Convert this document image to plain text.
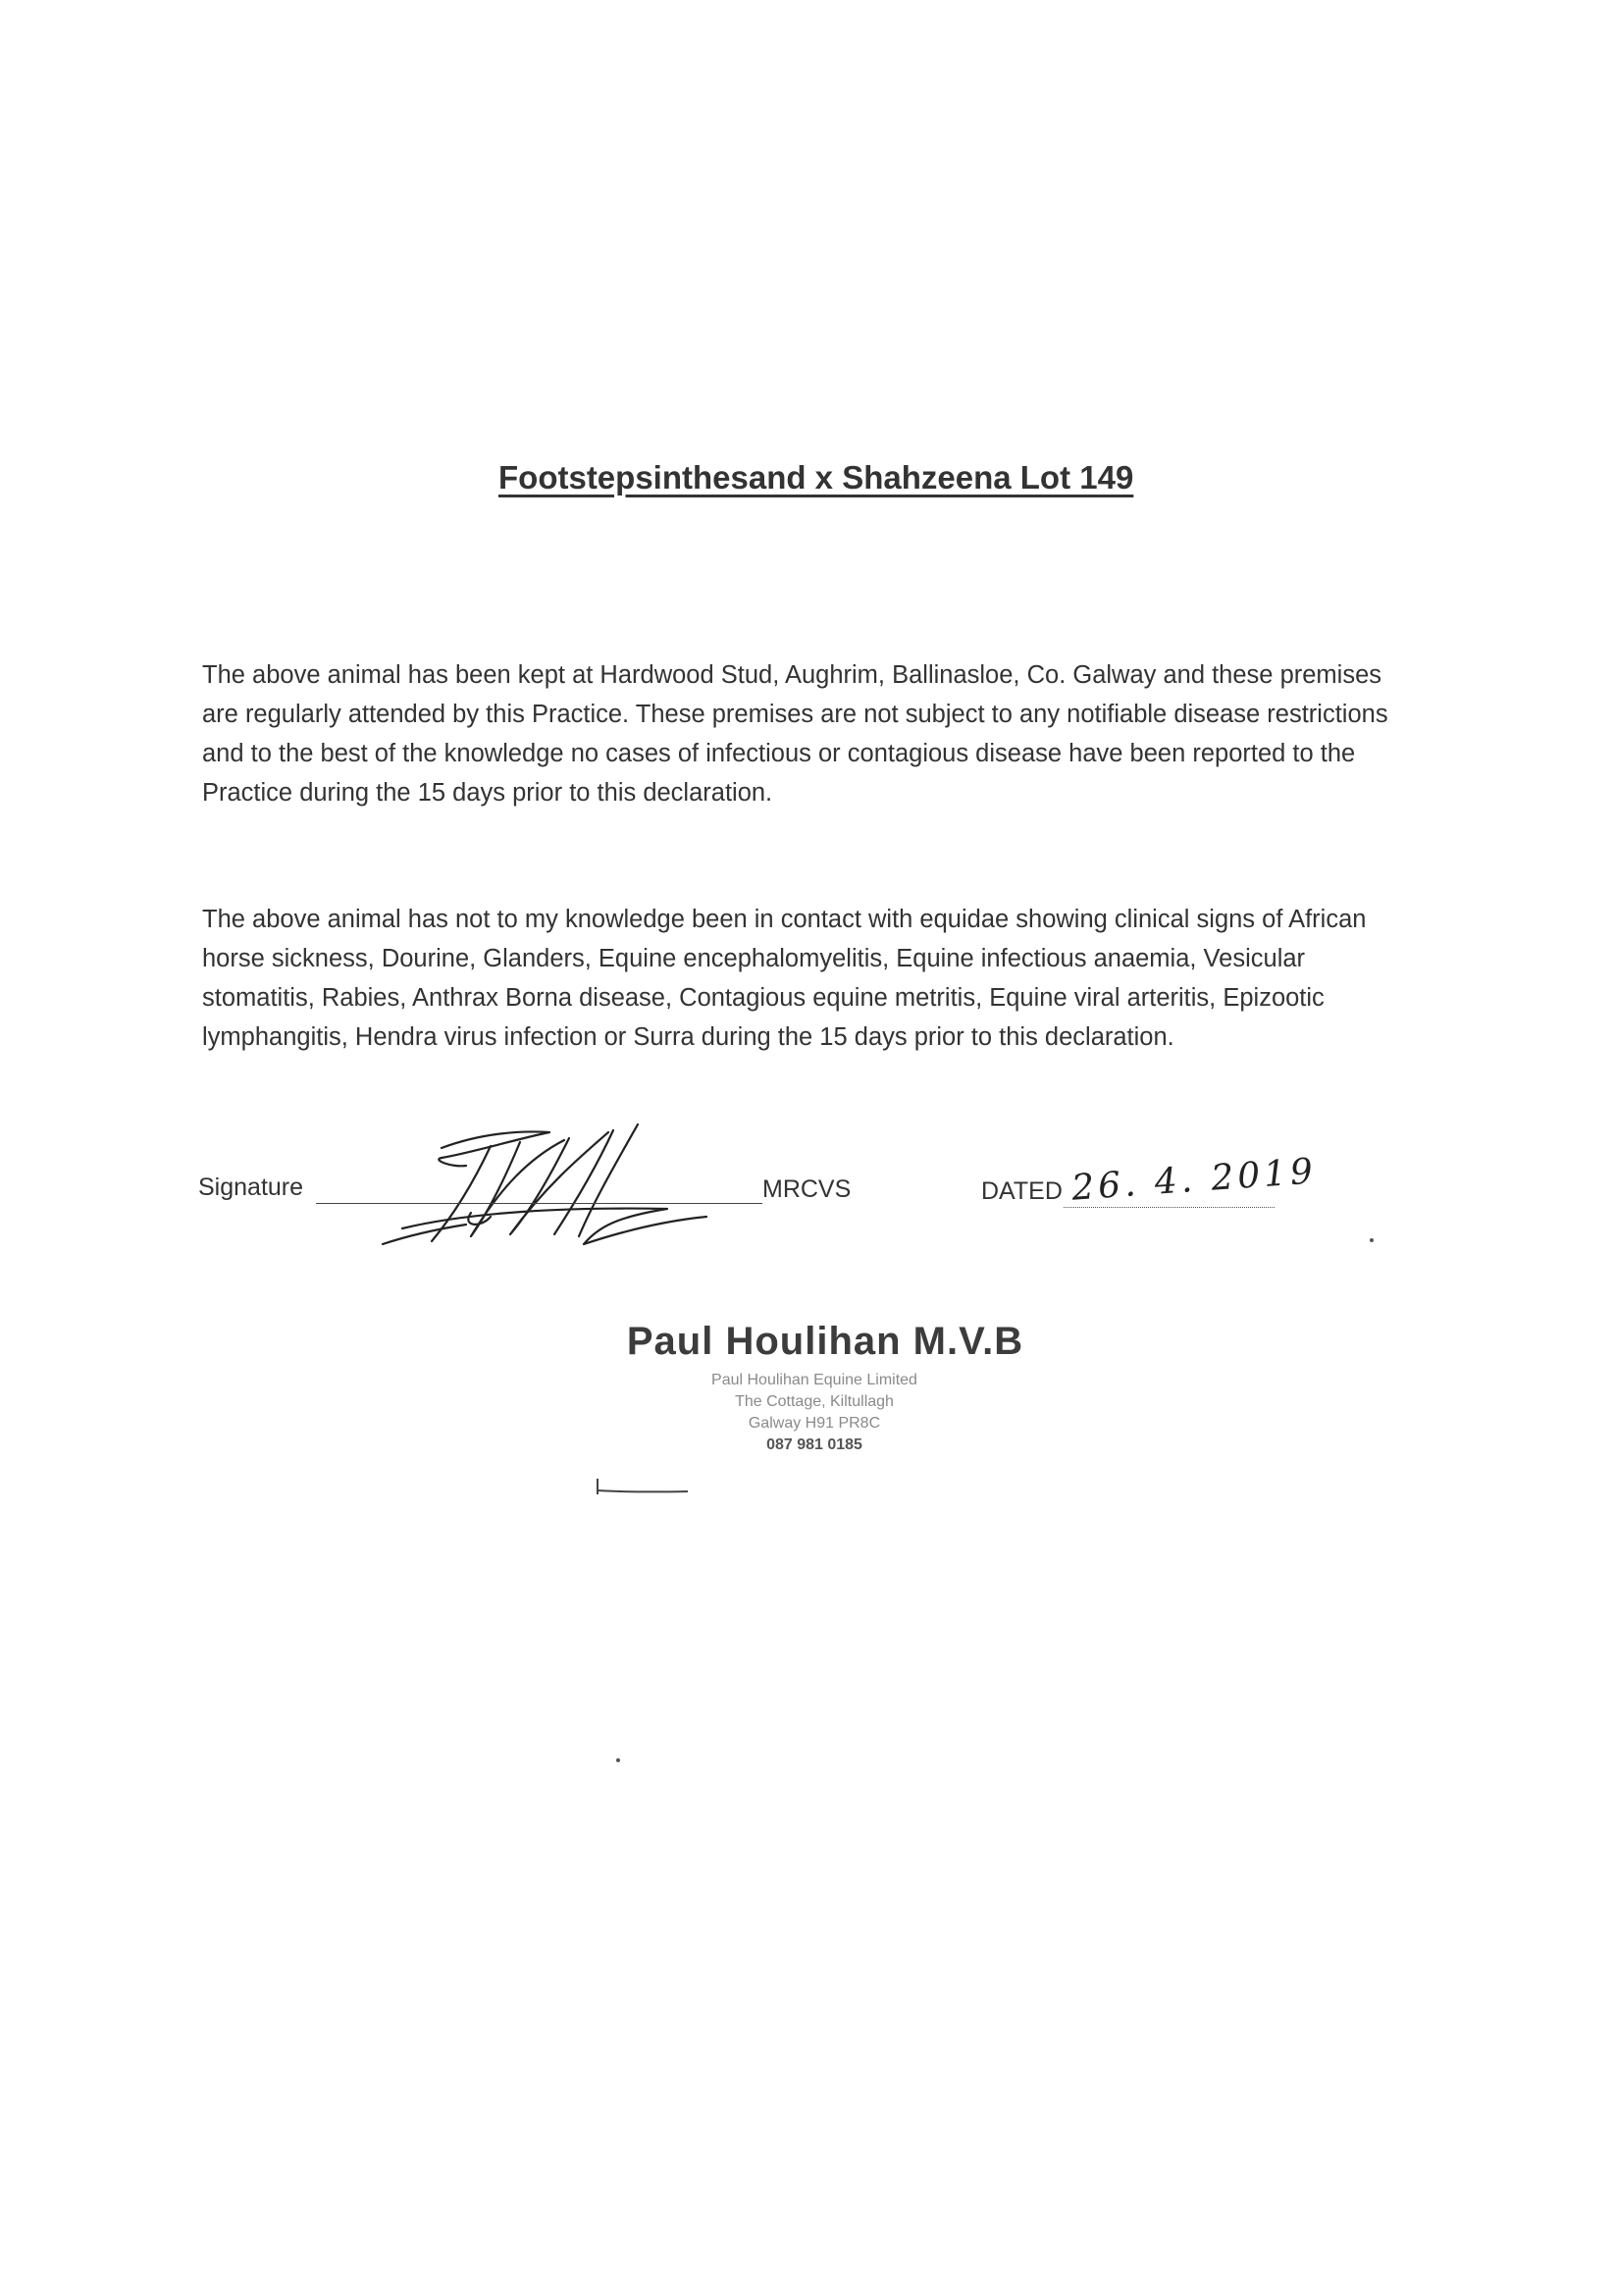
Footstepsinthesand x Shahzeena Lot 149

The above animal has been kept at Hardwood Stud, Aughrim, Ballinasloe, Co. Galway and these premises are regularly attended by this Practice. These premises are not subject to any notifiable disease restrictions and to the best of the knowledge no cases of infectious or contagious disease have been reported to the Practice during the 15 days prior to this declaration.

The above animal has not to my knowledge been in contact with equidae showing clinical signs of African horse sickness, Dourine, Glanders, Equine encephalomyelitis, Equine infectious anaemia, Vesicular stomatitis, Rabies, Anthrax Borna disease, Contagious equine metritis, Equine viral arteritis, Epizootic lymphangitis, Hendra virus infection or Surra during the 15 days prior to this declaration.

Signature	MRCVS	DATED 26. 4. 2019
Paul Houlihan M.V.B
Paul Houlihan Equine Limited
The Cottage, Kiltullagh
Galway H91 PR8C
087 981 0185
